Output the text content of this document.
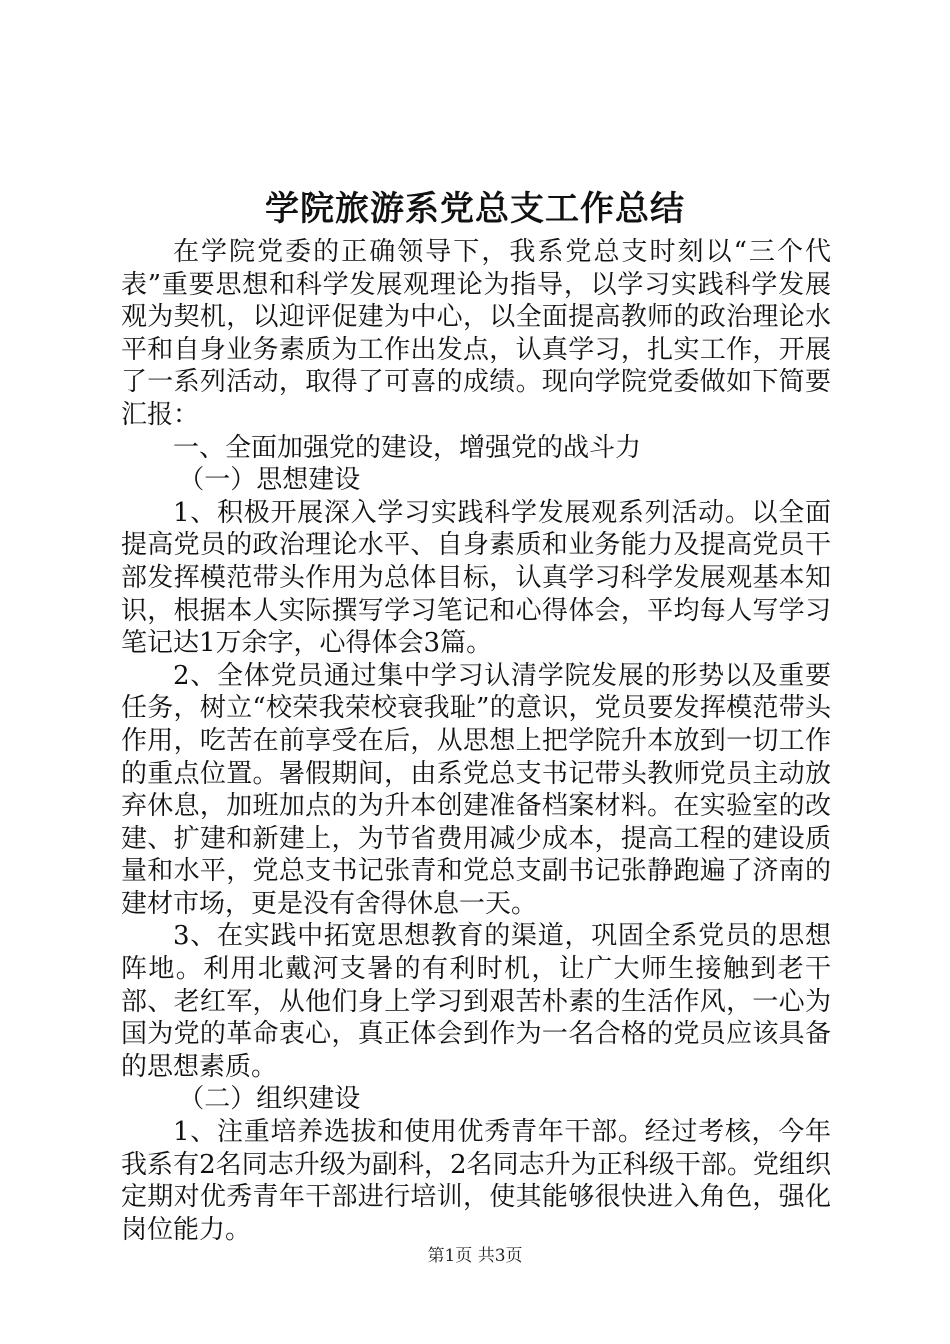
学院旅游系党总支工作总结

在学院党委的正确领导下，我系党总支时刻以“三个代表”重要思想和科学发展观理论为指导，以学习实践科学发展观为契机，以迎评促建为中心，以全面提高教师的政治理论水平和自身业务素质为工作出发点，认真学习，扎实工作，开展了一系列活动，取得了可喜的成绩。现向学院党委做如下简要汇报：

一、全面加强党的建设，增强党的战斗力

（一）思想建设

1、积极开展深入学习实践科学发展观系列活动。以全面提高党员的政治理论水平、自身素质和业务能力及提高党员干部发挥模范带头作用为总体目标，认真学习科学发展观基本知识，根据本人实际撰写学习笔记和心得体会，平均每人写学习笔记达1万余字，心得体会3篇。

2、全体党员通过集中学习认清学院发展的形势以及重要任务，树立“校荣我荣校衰我耻”的意识，党员要发挥模范带头作用，吃苦在前享受在后，从思想上把学院升本放到一切工作的重点位置。暑假期间，由系党总支书记带头教师党员主动放弃休息，加班加点的为升本创建准备档案材料。在实验室的改建、扩建和新建上，为节省费用减少成本，提高工程的建设质量和水平，党总支书记张青和党总支副书记张静跑遍了济南的建材市场，更是没有舍得休息一天。

3、在实践中拓宽思想教育的渠道，巩固全系党员的思想阵地。利用北戴河支暑的有利时机，让广大师生接触到老干部、老红军，从他们身上学习到艰苦朴素的生活作风，一心为国为党的革命衷心，真正体会到作为一名合格的党员应该具备的思想素质。

（二）组织建设

1、注重培养选拔和使用优秀青年干部。经过考核，今年我系有2名同志升级为副科，2名同志升为正科级干部。党组织定期对优秀青年干部进行培训，使其能够很快进入角色，强化岗位能力。

第1页 共3页
